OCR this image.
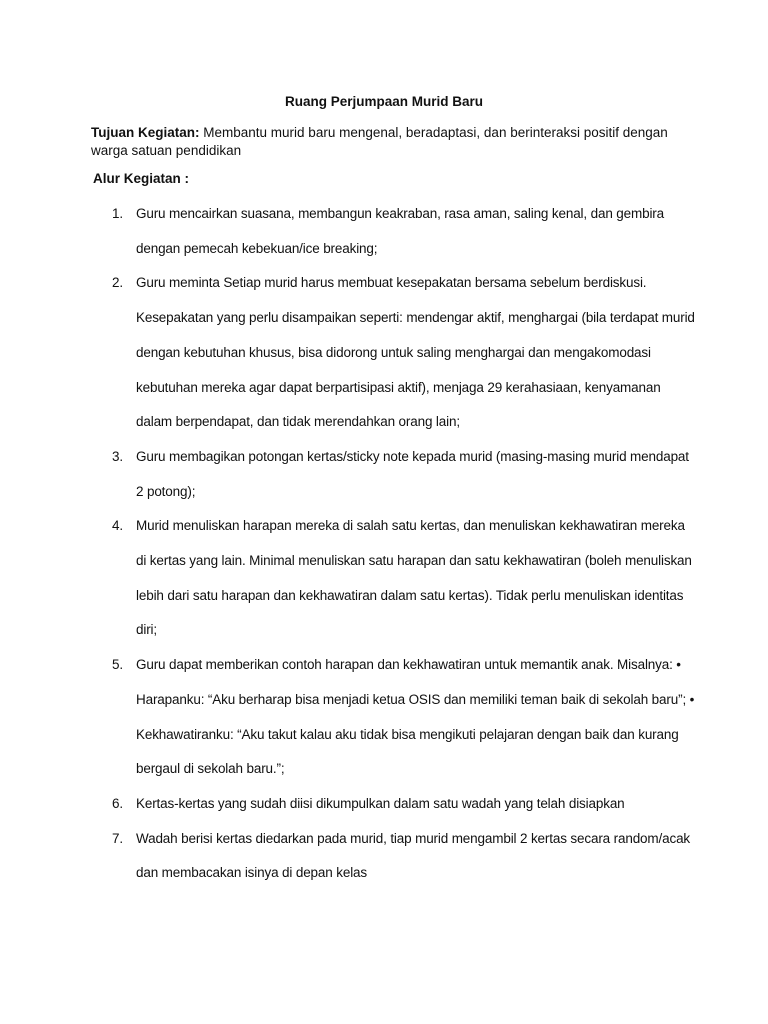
Ruang Perjumpaan Murid Baru
Tujuan Kegiatan: Membantu murid baru mengenal, beradaptasi, dan berinteraksi positif dengan warga satuan pendidikan
Alur Kegiatan :
1. Guru mencairkan suasana, membangun keakraban, rasa aman, saling kenal, dan gembira dengan pemecah kebekuan/ice breaking;
2. Guru meminta Setiap murid harus membuat kesepakatan bersama sebelum berdiskusi. Kesepakatan yang perlu disampaikan seperti: mendengar aktif, menghargai (bila terdapat murid dengan kebutuhan khusus, bisa didorong untuk saling menghargai dan mengakomodasi kebutuhan mereka agar dapat berpartisipasi aktif), menjaga 29 kerahasiaan, kenyamanan dalam berpendapat, dan tidak merendahkan orang lain;
3. Guru membagikan potongan kertas/sticky note kepada murid (masing-masing murid mendapat 2 potong);
4. Murid menuliskan harapan mereka di salah satu kertas, dan menuliskan kekhawatiran mereka di kertas yang lain. Minimal menuliskan satu harapan dan satu kekhawatiran (boleh menuliskan lebih dari satu harapan dan kekhawatiran dalam satu kertas). Tidak perlu menuliskan identitas diri;
5. Guru dapat memberikan contoh harapan dan kekhawatiran untuk memantik anak. Misalnya: • Harapanku: “Aku berharap bisa menjadi ketua OSIS dan memiliki teman baik di sekolah baru”; • Kekhawatiranku: “Aku takut kalau aku tidak bisa mengikuti pelajaran dengan baik dan kurang bergaul di sekolah baru.”;
6. Kertas-kertas yang sudah diisi dikumpulkan dalam satu wadah yang telah disiapkan
7. Wadah berisi kertas diedarkan pada murid, tiap murid mengambil 2 kertas secara random/acak dan membacakan isinya di depan kelas
